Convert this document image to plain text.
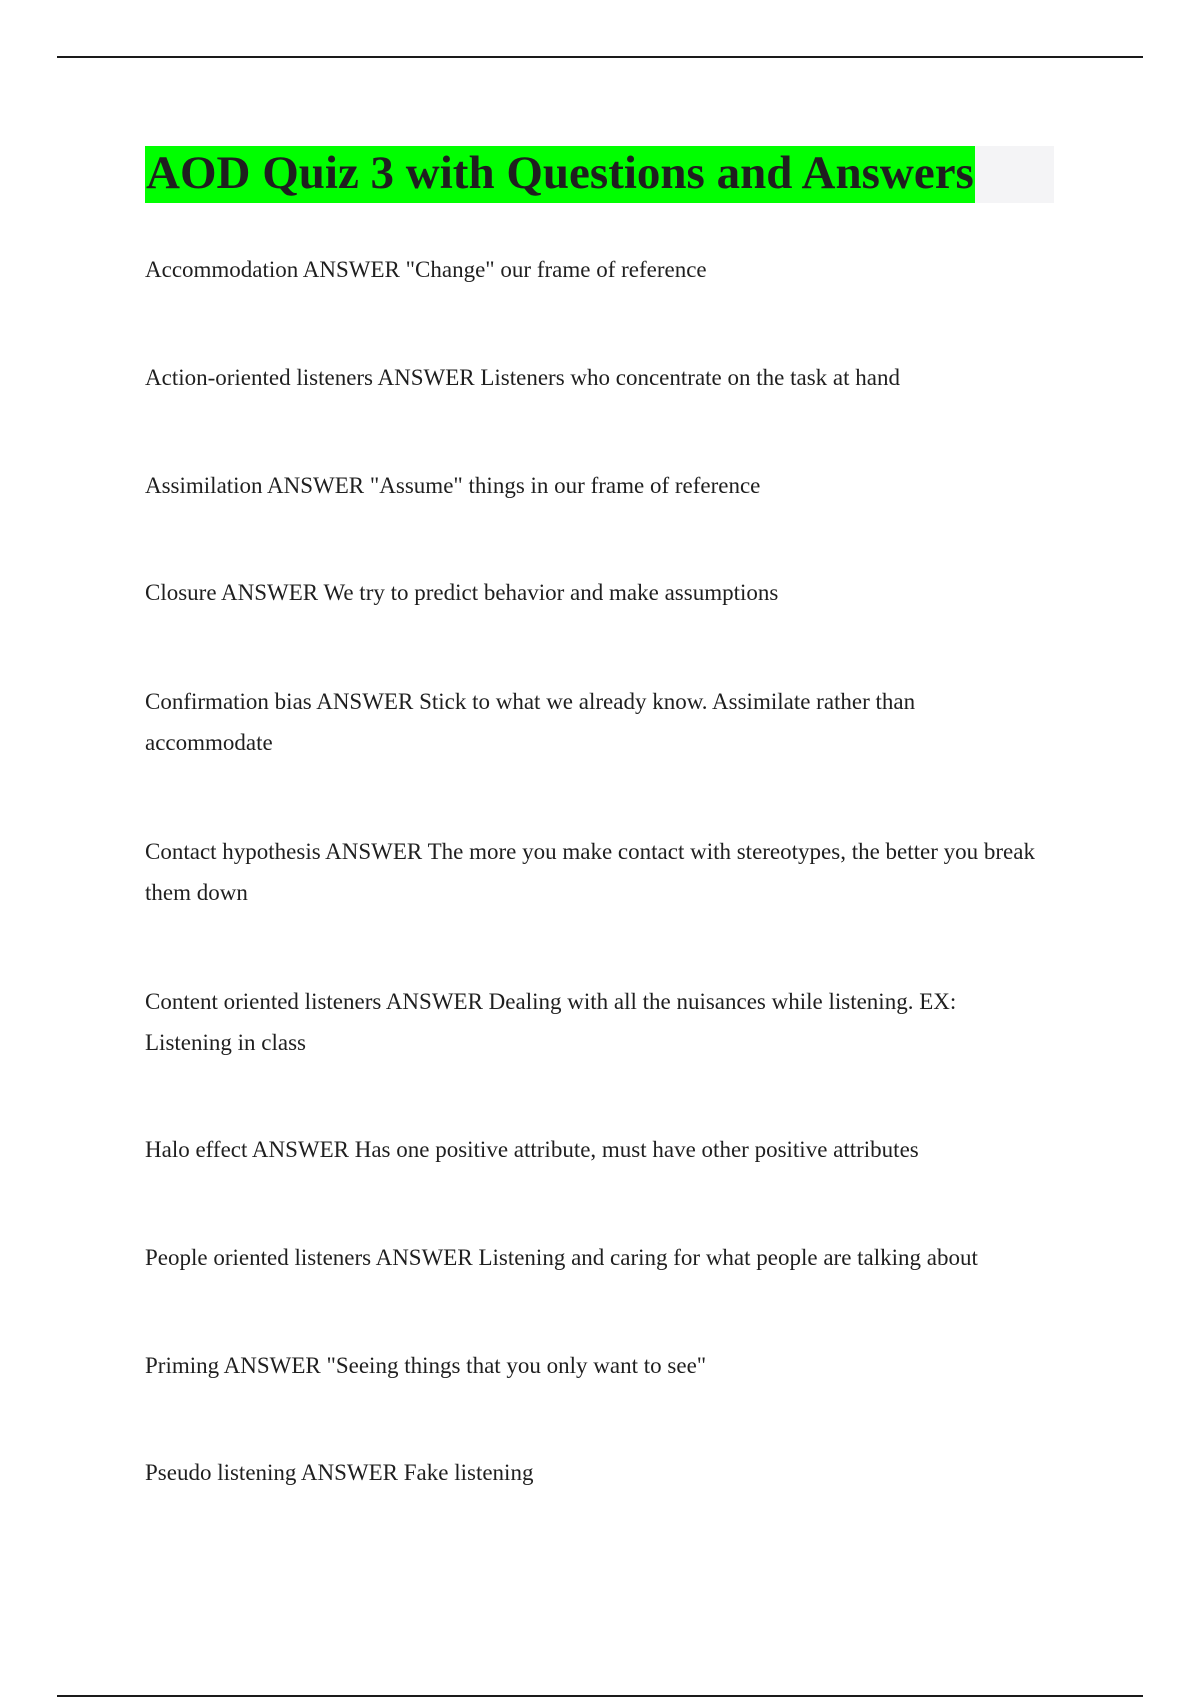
AOD Quiz 3 with Questions and Answers

Accommodation ANSWER "Change" our frame of reference

Action-oriented listeners ANSWER Listeners who concentrate on the task at hand

Assimilation ANSWER "Assume" things in our frame of reference

Closure ANSWER We try to predict behavior and make assumptions

Confirmation bias ANSWER Stick to what we already know. Assimilate rather than accommodate

Contact hypothesis ANSWER The more you make contact with stereotypes, the better you break them down

Content oriented listeners ANSWER Dealing with all the nuisances while listening. EX: Listening in class

Halo effect ANSWER Has one positive attribute, must have other positive attributes

People oriented listeners ANSWER Listening and caring for what people are talking about

Priming ANSWER "Seeing things that you only want to see"

Pseudo listening ANSWER Fake listening
